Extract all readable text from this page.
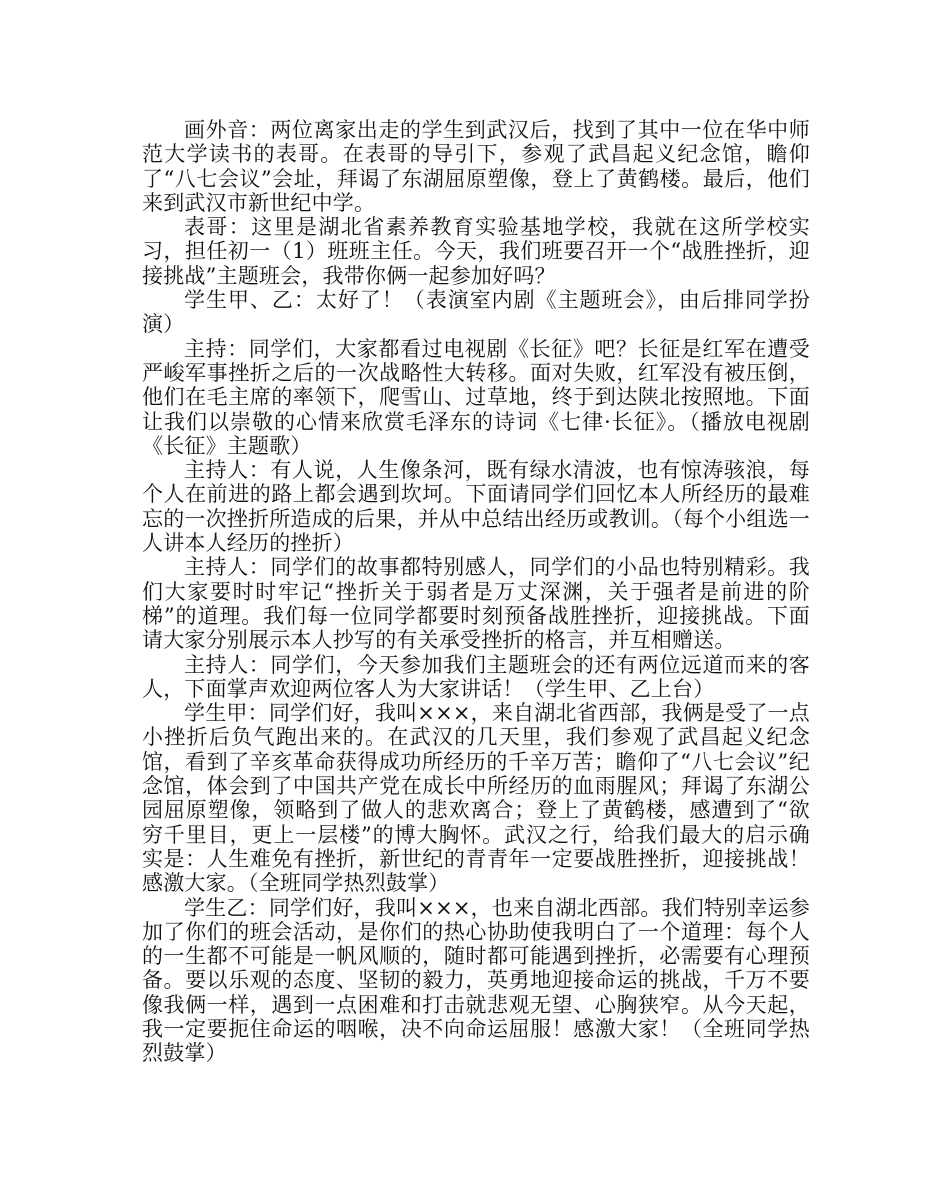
画外音：两位离家出走的学生到武汉后，找到了其中一位在华中师范大学读书的表哥。在表哥的导引下，参观了武昌起义纪念馆，瞻仰了“八七会议”会址，拜谒了东湖屈原塑像，登上了黄鹤楼。最后，他们来到武汉市新世纪中学。

表哥：这里是湖北省素养教育实验基地学校，我就在这所学校实习，担任初一（1）班班主任。今天，我们班要召开一个“战胜挫折，迎接挑战”主题班会，我带你俩一起参加好吗？

学生甲、乙：太好了！（表演室内剧《主题班会》，由后排同学扮演）

主持：同学们，大家都看过电视剧《长征》吧？长征是红军在遭受严峻军事挫折之后的一次战略性大转移。面对失败，红军没有被压倒，他们在毛主席的率领下，爬雪山、过草地，终于到达陕北按照地。下面让我们以崇敬的心情来欣赏毛泽东的诗词《七律·长征》。（播放电视剧《长征》主题歌）

主持人：有人说，人生像条河，既有绿水清波，也有惊涛骇浪，每个人在前进的路上都会遇到坎坷。下面请同学们回忆本人所经历的最难忘的一次挫折所造成的后果，并从中总结出经历或教训。（每个小组选一人讲本人经历的挫折）

主持人：同学们的故事都特别感人，同学们的小品也特别精彩。我们大家要时时牢记“挫折关于弱者是万丈深渊，关于强者是前进的阶梯”的道理。我们每一位同学都要时刻预备战胜挫折，迎接挑战。下面请大家分别展示本人抄写的有关承受挫折的格言，并互相赠送。

主持人：同学们，今天参加我们主题班会的还有两位远道而来的客人，下面掌声欢迎两位客人为大家讲话！（学生甲、乙上台）

学生甲：同学们好，我叫×××，来自湖北省西部，我俩是受了一点小挫折后负气跑出来的。在武汉的几天里，我们参观了武昌起义纪念馆，看到了辛亥革命获得成功所经历的千辛万苦；瞻仰了“八七会议”纪念馆，体会到了中国共产党在成长中所经历的血雨腥风；拜谒了东湖公园屈原塑像，领略到了做人的悲欢离合；登上了黄鹤楼，感遭到了“欲穷千里目，更上一层楼”的博大胸怀。武汉之行，给我们最大的启示确实是：人生难免有挫折，新世纪的青青年一定要战胜挫折，迎接挑战！感激大家。（全班同学热烈鼓掌）

学生乙：同学们好，我叫×××，也来自湖北西部。我们特别幸运参加了你们的班会活动，是你们的热心协助使我明白了一个道理：每个人的一生都不可能是一帆风顺的，随时都可能遇到挫折，必需要有心理预备。要以乐观的态度、坚韧的毅力，英勇地迎接命运的挑战，千万不要像我俩一样，遇到一点困难和打击就悲观无望、心胸狭窄。从今天起，我一定要扼住命运的咽喉，决不向命运屈服！感激大家！（全班同学热烈鼓掌）
